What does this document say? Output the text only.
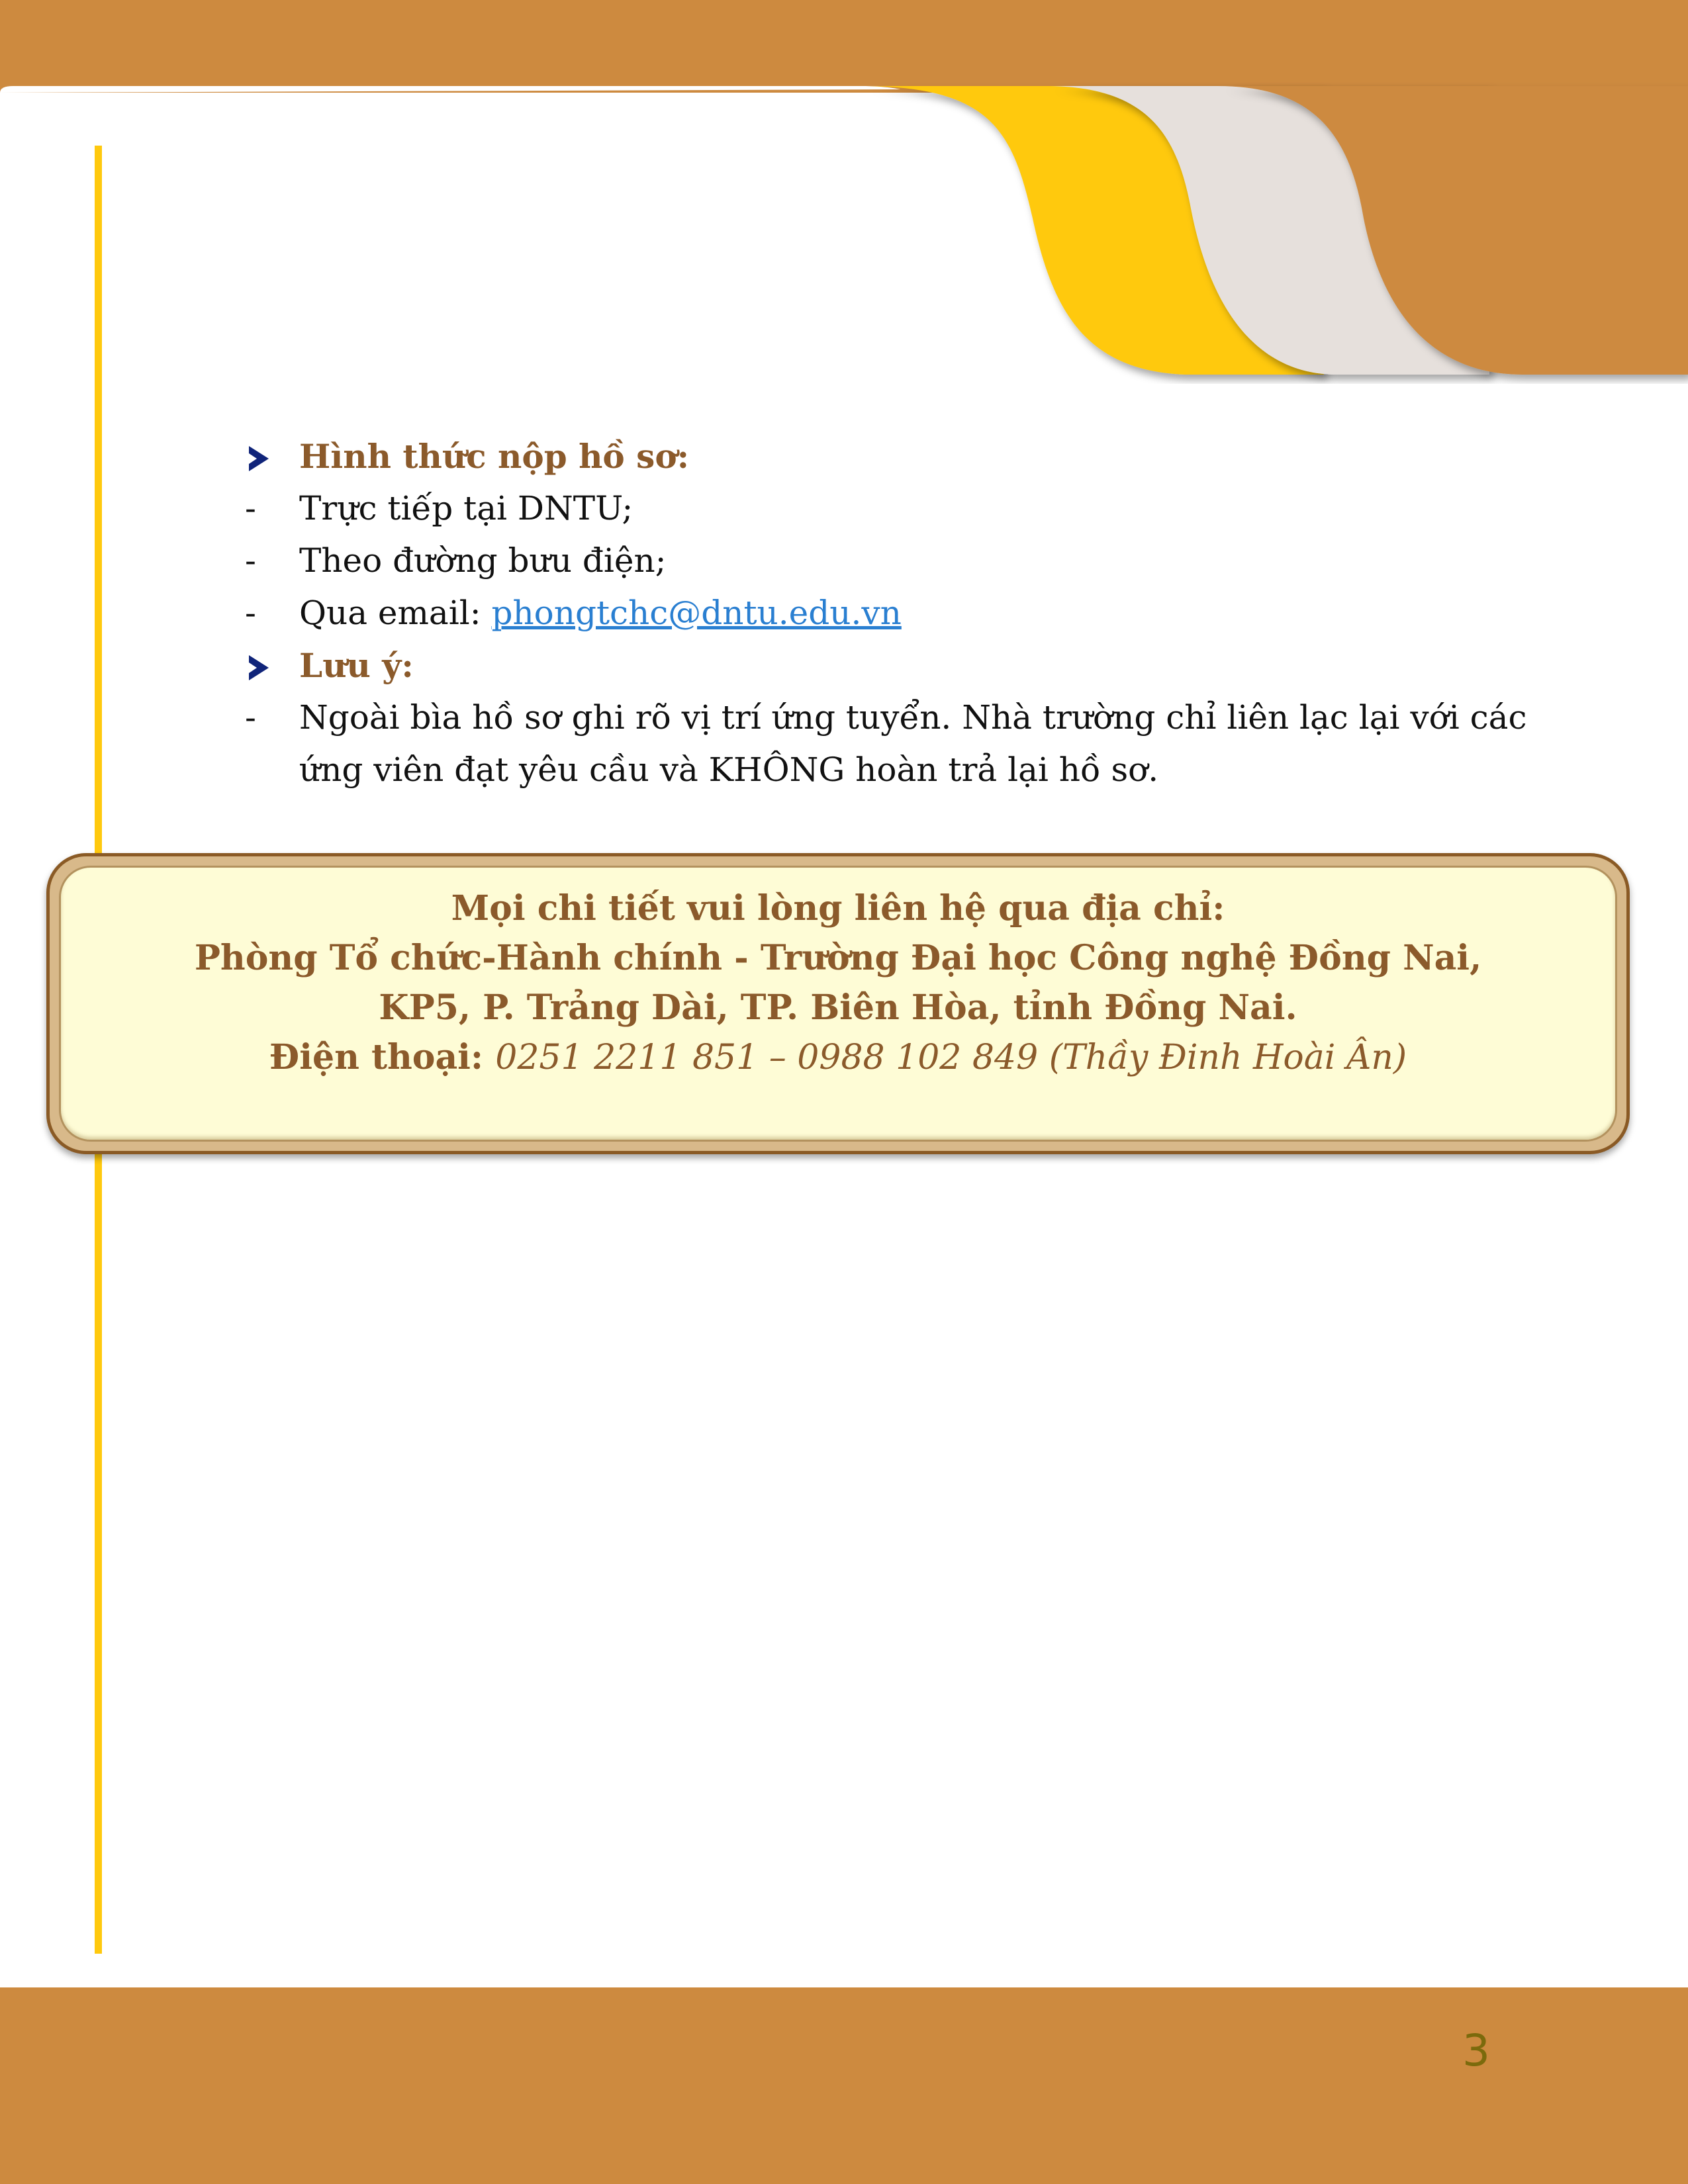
Hình thức nộp hồ sơ:
-	Trực tiếp tại DNTU;
-	Theo đường bưu điện;
-	Qua email: phongtchc@dntu.edu.vn
Lưu ý:
-	Ngoài bìa hồ sơ ghi rõ vị trí ứng tuyển. Nhà trường chỉ liên lạc lại với các
ứng viên đạt yêu cầu và KHÔNG hoàn trả lại hồ sơ.
Mọi chi tiết vui lòng liên hệ qua địa chỉ:
Phòng Tổ chức-Hành chính - Trường Đại học Công nghệ Đồng Nai,
KP5, P. Trảng Dài, TP. Biên Hòa, tỉnh Đồng Nai.
Điện thoại: 0251 2211 851 – 0988 102 849 (Thầy Đinh Hoài Ân)
3
